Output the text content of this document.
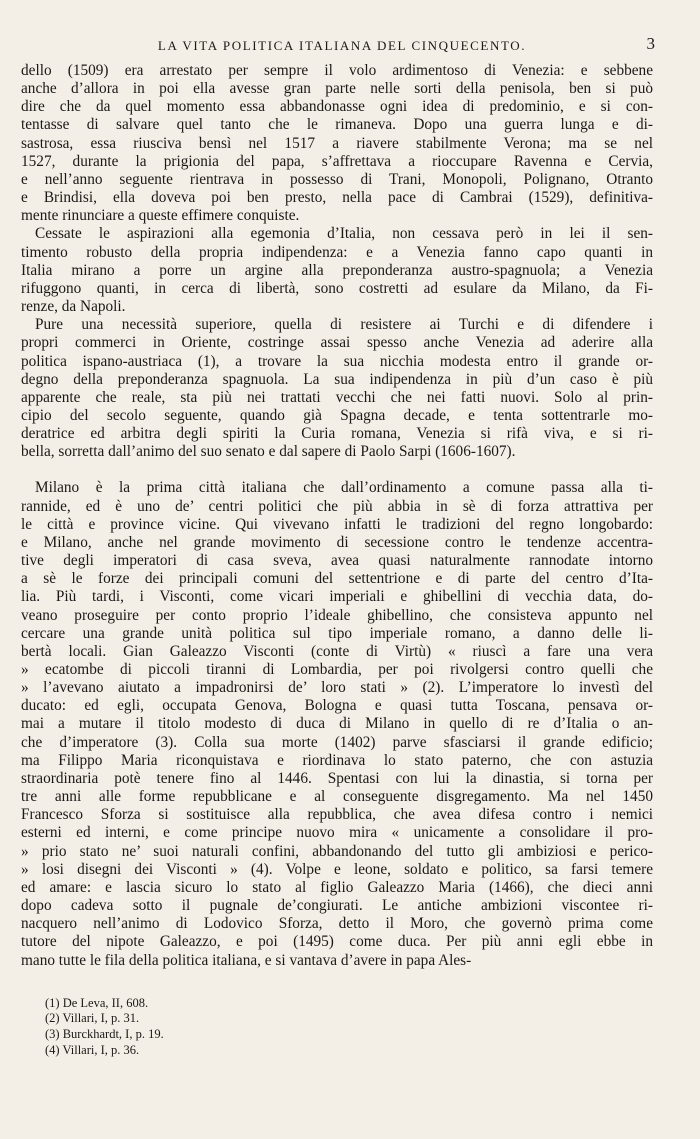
LA VITA POLITICA ITALIANA DEL CINQUECENTO.	3

dello (1509) era arrestato per sempre il volo ardimentoso di Venezia: e sebbene
anche d’allora in poi ella avesse gran parte nelle sorti della penisola, ben si può
dire che da quel momento essa abbandonasse ogni idea di predominio, e si con-
tentasse di salvare quel tanto che le rimaneva. Dopo una guerra lunga e di-
sastrosa, essa riusciva bensì nel 1517 a riavere stabilmente Verona; ma se nel
1527, durante la prigionia del papa, s’affrettava a rioccupare Ravenna e Cervia,
e nell’anno seguente rientrava in possesso di Trani, Monopoli, Polignano, Otranto
e Brindisi, ella doveva poi ben presto, nella pace di Cambrai (1529), definitiva-
mente rinunciare a queste effimere conquiste.

Cessate le aspirazioni alla egemonia d’Italia, non cessava però in lei il sen-
timento robusto della propria indipendenza: e a Venezia fanno capo quanti in
Italia mirano a porre un argine alla preponderanza austro-spagnuola; a Venezia
rifuggono quanti, in cerca di libertà, sono costretti ad esulare da Milano, da Fi-
renze, da Napoli.

Pure una necessità superiore, quella di resistere ai Turchi e di difendere i
propri commerci in Oriente, costringe assai spesso anche Venezia ad aderire alla
politica ispano-austriaca (1), a trovare la sua nicchia modesta entro il grande or-
degno della preponderanza spagnuola. La sua indipendenza in più d’un caso è più
apparente che reale, sta più nei trattati vecchi che nei fatti nuovi. Solo al prin-
cipio del secolo seguente, quando già Spagna decade, e tenta sottentrarle mo-
deratrice ed arbitra degli spiriti la Curia romana, Venezia si rifà viva, e si ri-
bella, sorretta dall’animo del suo senato e dal sapere di Paolo Sarpi (1606-1607).

Milano è la prima città italiana che dall’ordinamento a comune passa alla ti-
rannide, ed è uno de’ centri politici che più abbia in sè di forza attrattiva per
le città e province vicine. Qui vivevano infatti le tradizioni del regno longobardo:
e Milano, anche nel grande movimento di secessione contro le tendenze accentra-
tive degli imperatori di casa sveva, avea quasi naturalmente rannodate intorno
a sè le forze dei principali comuni del settentrione e di parte del centro d’Ita-
lia. Più tardi, i Visconti, come vicari imperiali e ghibellini di vecchia data, do-
veano proseguire per conto proprio l’ideale ghibellino, che consisteva appunto nel
cercare una grande unità politica sul tipo imperiale romano, a danno delle li-
bertà locali. Gian Galeazzo Visconti (conte di Virtù) « riuscì a fare una vera
» ecatombe di piccoli tiranni di Lombardia, per poi rivolgersi contro quelli che
» l’avevano aiutato a impadronirsi de’ loro stati » (2). L’imperatore lo investì del
ducato: ed egli, occupata Genova, Bologna e quasi tutta Toscana, pensava or-
mai a mutare il titolo modesto di duca di Milano in quello di re d’Italia o an-
che d’imperatore (3). Colla sua morte (1402) parve sfasciarsi il grande edificio;
ma Filippo Maria riconquistava e riordinava lo stato paterno, che con astuzia
straordinaria potè tenere fino al 1446. Spentasi con lui la dinastia, si torna per
tre anni alle forme repubblicane e al conseguente disgregamento. Ma nel 1450
Francesco Sforza si sostituisce alla repubblica, che avea difesa contro i nemici
esterni ed interni, e come principe nuovo mira « unicamente a consolidare il pro-
» prio stato ne’ suoi naturali confini, abbandonando del tutto gli ambiziosi e perico-
» losi disegni dei Visconti » (4). Volpe e leone, soldato e politico, sa farsi temere
ed amare: e lascia sicuro lo stato al figlio Galeazzo Maria (1466), che dieci anni
dopo cadeva sotto il pugnale de’congiurati. Le antiche ambizioni viscontee ri-
nacquero nell’animo di Lodovico Sforza, detto il Moro, che governò prima come
tutore del nipote Galeazzo, e poi (1495) come duca. Per più anni egli ebbe in
mano tutte le fila della politica italiana, e si vantava d’avere in papa Ales-

(1) De Leva, II, 608.
(2) Villari, I, p. 31.
(3) Burckhardt, I, p. 19.
(4) Villari, I, p. 36.
